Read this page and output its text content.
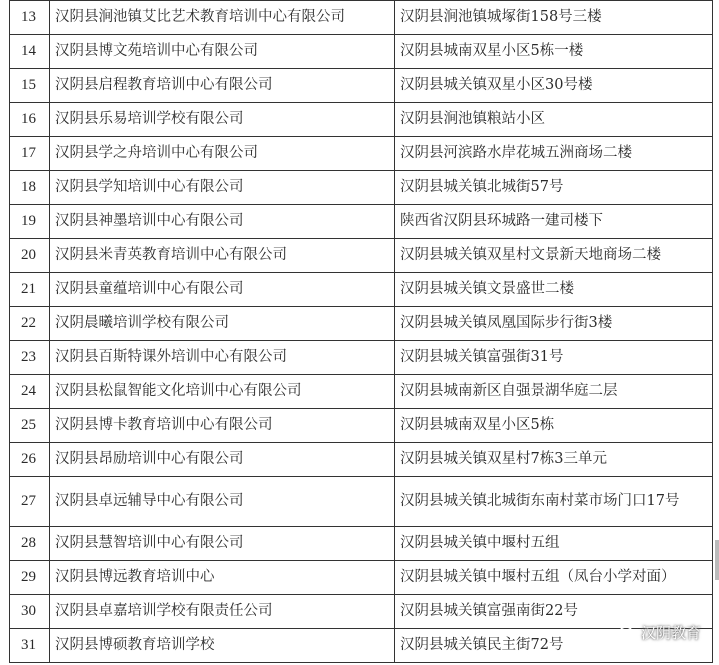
13	汉阴县涧池镇艾比艺术教育培训中心有限公司	汉阴县涧池镇城塚街158号三楼
14	汉阴县博文苑培训中心有限公司	汉阴县城南双星小区5栋一楼
15	汉阴县启程教育培训中心有限公司	汉阴县城关镇双星小区30号楼
16	汉阴县乐易培训学校有限公司	汉阴县涧池镇粮站小区
17	汉阴县学之舟培训中心有限公司	汉阴县河滨路水岸花城五洲商场二楼
18	汉阴县学知培训中心有限公司	汉阴县城关镇北城街57号
19	汉阴县神墨培训中心有限公司	陕西省汉阴县环城路一建司楼下
20	汉阴县米青英教育培训中心有限公司	汉阴县城关镇双星村文景新天地商场二楼
21	汉阴县童蕴培训中心有限公司	汉阴县城关镇文景盛世二楼
22	汉阴晨曦培训学校有限公司	汉阴县城关镇凤凰国际步行街3楼
23	汉阴县百斯特课外培训中心有限公司	汉阴县城关镇富强街31号
24	汉阴县松鼠智能文化培训中心有限公司	汉阴县城南新区自强景湖华庭二层
25	汉阴县博卡教育培训中心有限公司	汉阴县城南双星小区5栋
26	汉阴县昂励培训中心有限公司	汉阴县城关镇双星村7栋3三单元
27	汉阴县卓远辅导中心有限公司	汉阴县城关镇北城街东南村菜市场门口17号
28	汉阴县慧智培训中心有限公司	汉阴县城关镇中堰村五组
29	汉阴县博远教育培训中心	汉阴县城关镇中堰村五组（凤台小学对面）
30	汉阴县卓嘉培训学校有限责任公司	汉阴县城关镇富强南街22号
31	汉阴县博硕教育培训学校	汉阴县城关镇民主街72号
汉阴教育
